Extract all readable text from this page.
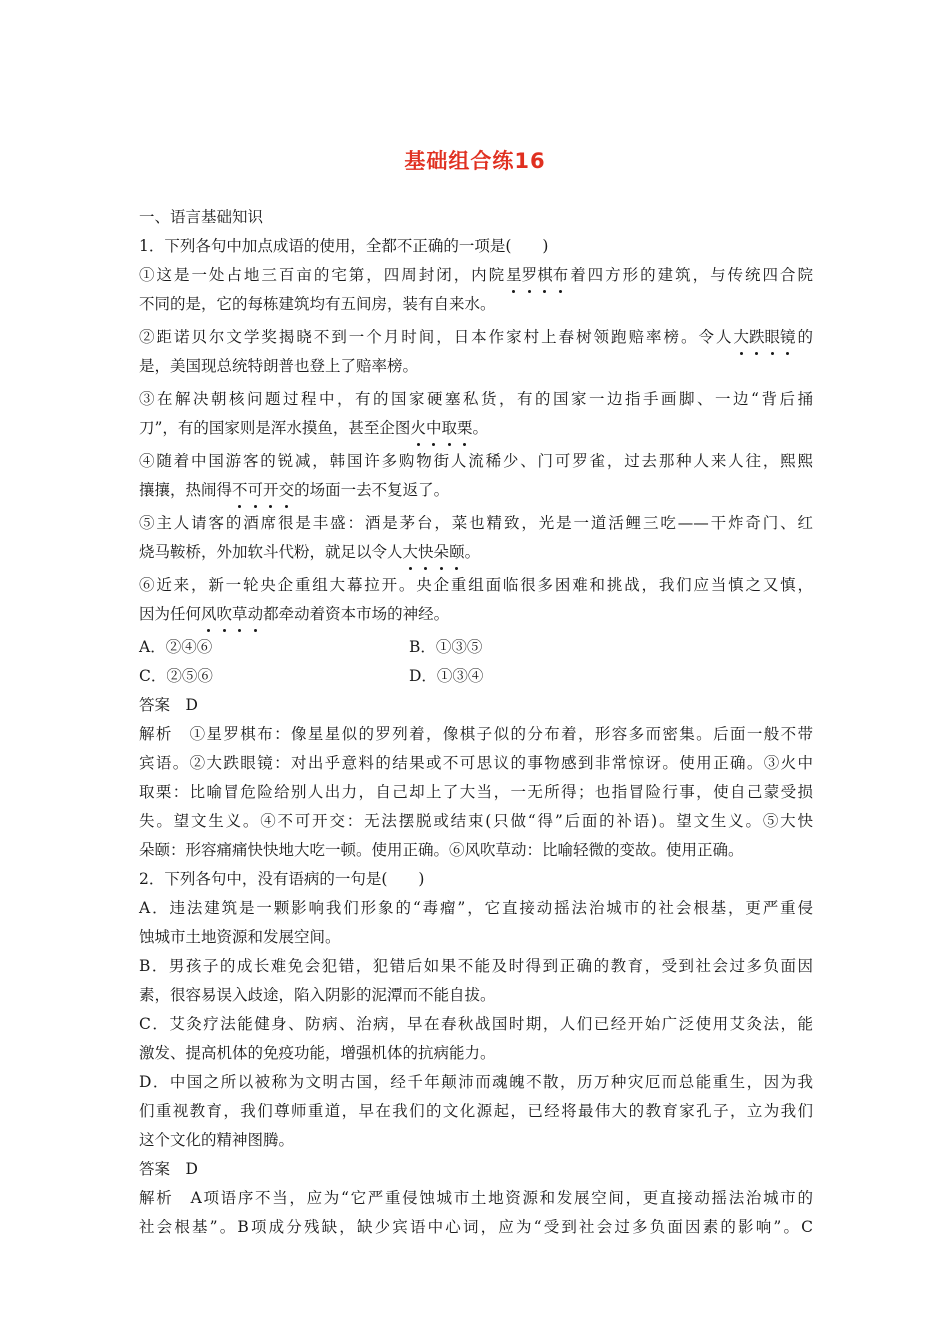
基础组合练16
一、语言基础知识
1．下列各句中加点成语的使用，全都不正确的一项是(　　)
①这是一处占地三百亩的宅第，四周封闭，内院星罗棋布着四方形的建筑，与传统四合院
不同的是，它的每栋建筑均有五间房，装有自来水。
②距诺贝尔文学奖揭晓不到一个月时间，日本作家村上春树领跑赔率榜。令人大跌眼镜的
是，美国现总统特朗普也登上了赔率榜。
③在解决朝核问题过程中，有的国家硬塞私货，有的国家一边指手画脚、一边“背后捅
刀”，有的国家则是浑水摸鱼，甚至企图火中取栗。
④随着中国游客的锐减，韩国许多购物街人流稀少、门可罗雀，过去那种人来人往，熙熙
攘攘，热闹得不可开交的场面一去不复返了。
⑤主人请客的酒席很是丰盛：酒是茅台，菜也精致，光是一道活鲤三吃——干炸奇门、红
烧马鞍桥，外加软斗代粉，就足以令人大快朵颐。
⑥近来，新一轮央企重组大幕拉开。央企重组面临很多困难和挑战，我们应当慎之又慎，
因为任何风吹草动都牵动着资本市场的神经。
A．②④⑥	B．①③⑤
C．②⑤⑥	D．①③④
答案　D
解析　①星罗棋布：像星星似的罗列着，像棋子似的分布着，形容多而密集。后面一般不带
宾语。②大跌眼镜：对出乎意料的结果或不可思议的事物感到非常惊讶。使用正确。③火中
取栗：比喻冒危险给别人出力，自己却上了大当，一无所得；也指冒险行事，使自己蒙受损
失。望文生义。④不可开交：无法摆脱或结束(只做“得”后面的补语)。望文生义。⑤大快
朵颐：形容痛痛快快地大吃一顿。使用正确。⑥风吹草动：比喻轻微的变故。使用正确。
2．下列各句中，没有语病的一句是(　　)
A．违法建筑是一颗影响我们形象的“毒瘤”，它直接动摇法治城市的社会根基，更严重侵
蚀城市土地资源和发展空间。
B．男孩子的成长难免会犯错，犯错后如果不能及时得到正确的教育，受到社会过多负面因
素，很容易误入歧途，陷入阴影的泥潭而不能自拔。
C．艾灸疗法能健身、防病、治病，早在春秋战国时期，人们已经开始广泛使用艾灸法，能
激发、提高机体的免疫功能，增强机体的抗病能力。
D．中国之所以被称为文明古国，经千年颠沛而魂魄不散，历万种灾厄而总能重生，因为我
们重视教育，我们尊师重道，早在我们的文化源起，已经将最伟大的教育家孔子，立为我们
这个文化的精神图腾。
答案　D
解析　A项语序不当，应为“它严重侵蚀城市土地资源和发展空间，更直接动摇法治城市的
社会根基”。B项成分残缺，缺少宾语中心词，应为“受到社会过多负面因素的影响”。C
